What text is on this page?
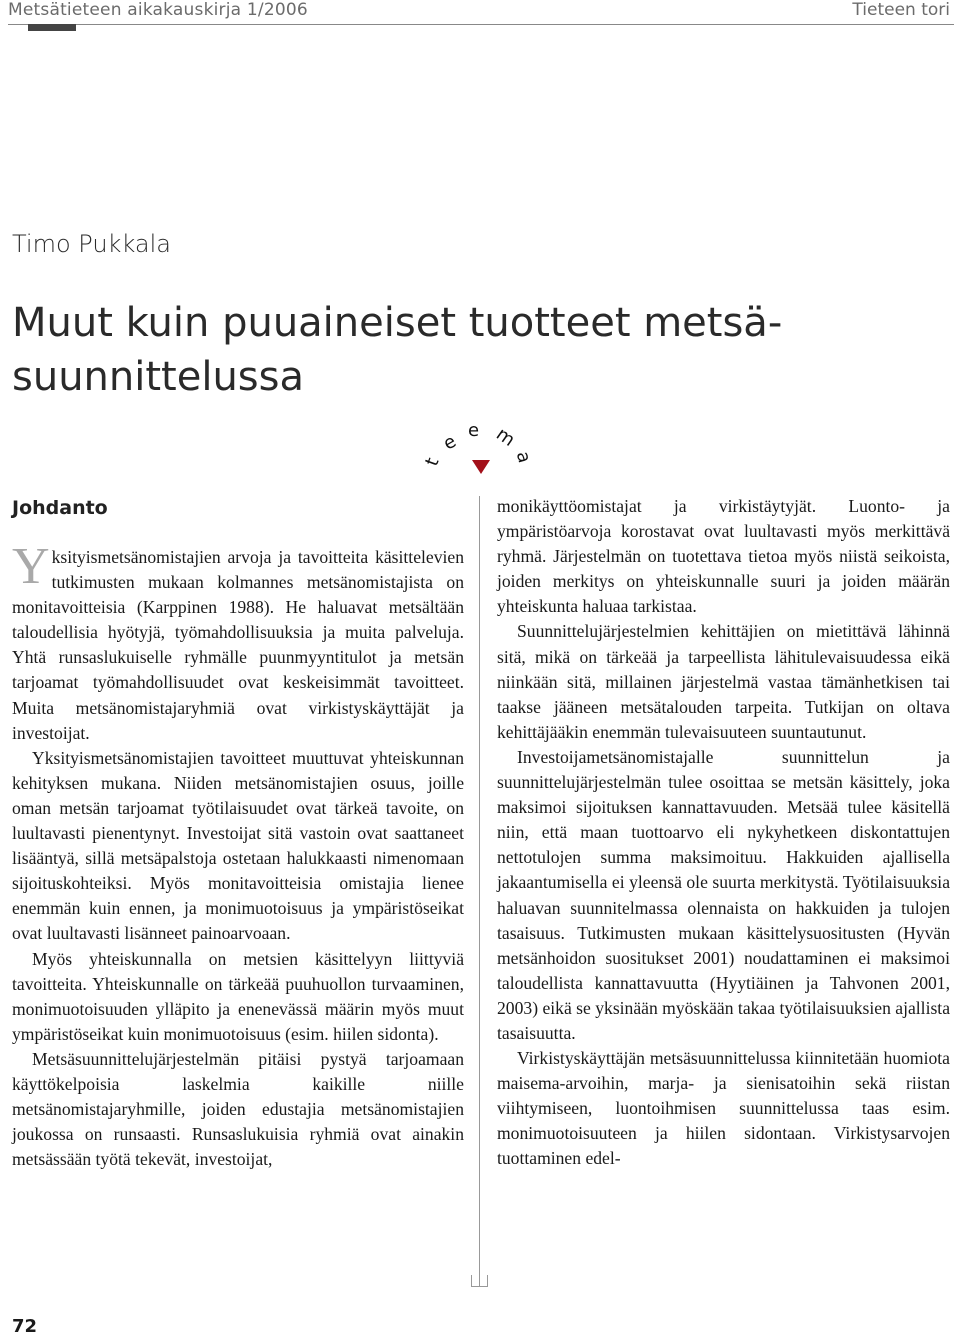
Metsätieteen aikakauskirja 1/2006	Tieteen tori
Timo Pukkala
Muut kuin puuaineiset tuotteet metsä-suunnittelussa
t
e
e m
a
Johdanto

Yksityismetsänomistajien arvoja ja tavoitteita käsittelevien tutkimusten mukaan kolmannes metsänomistajista on monitavoitteisia (Karppinen 1988). He haluavat metsältään taloudellisia hyötyjä, työmahdollisuuksia ja muita palveluja. Yhtä runsaslukuiselle ryhmälle puunmyyntitulot ja metsän tarjoamat työmahdollisuudet ovat keskeisimmät tavoitteet. Muita metsänomistajaryhmiä ovat virkistyskäyttäjät ja investoijat.

Yksityismetsänomistajien tavoitteet muuttuvat yhteiskunnan kehityksen mukana. Niiden metsänomistajien osuus, joille oman metsän tarjoamat työtilaisuudet ovat tärkeä tavoite, on luultavasti pienentynyt. Investoijat sitä vastoin ovat saattaneet lisääntyä, sillä metsäpalstoja ostetaan halukkaasti nimenomaan sijoituskohteiksi. Myös monitavoitteisia omistajia lienee enemmän kuin ennen, ja monimuotoisuus ja ympäristöseikat ovat luultavasti lisänneet painoarvoaan.

Myös yhteiskunnalla on metsien käsittelyyn liittyviä tavoitteita. Yhteiskunnalle on tärkeää puuhuollon turvaaminen, monimuotoisuuden ylläpito ja enenevässä määrin myös muut ympäristöseikat kuin monimuotoisuus (esim. hiilen sidonta).

Metsäsuunnittelujärjestelmän pitäisi pystyä tarjoamaan käyttökelpoisia laskelmia kaikille niille metsänomistajaryhmille, joiden edustajia metsänomistajien joukossa on runsaasti. Runsaslukuisia ryhmiä ovat ainakin metsässään työtä tekevät, investoijat,

monikäyttöomistajat ja virkistäytyjät. Luonto- ja ympäristöarvoja korostavat ovat luultavasti myös merkittävä ryhmä. Järjestelmän on tuotettava tietoa myös niistä seikoista, joiden merkitys on yhteiskunnalle suuri ja joiden määrän yhteiskunta haluaa tarkistaa.

Suunnittelujärjestelmien kehittäjien on mietittävä lähinnä sitä, mikä on tärkeää ja tarpeellista lähitulevaisuudessa eikä niinkään sitä, millainen järjestelmä vastaa tämänhetkisen tai taakse jääneen metsätalouden tarpeita. Tutkijan on oltava kehittäjääkin enemmän tulevaisuuteen suuntautunut.

Investoijametsänomistajalle suunnittelun ja suunnittelujärjestelmän tulee osoittaa se metsän käsittely, joka maksimoi sijoituksen kannattavuuden. Metsää tulee käsitellä niin, että maan tuottoarvo eli nykyhetkeen diskontattujen nettotulojen summa maksimoituu. Hakkuiden ajallisella jakaantumisella ei yleensä ole suurta merkitystä. Työtilaisuuksia haluavan suunnitelmassa olennaista on hakkuiden ja tulojen tasaisuus. Tutkimusten mukaan käsittelysuositusten (Hyvän metsänhoidon suositukset 2001) noudattaminen ei maksimoi taloudellista kannattavuutta (Hyytiäinen ja Tahvonen 2001, 2003) eikä se yksinään myöskään takaa työtilaisuuksien ajallista tasaisuutta.

Virkistyskäyttäjän metsäsuunnittelussa kiinnitetään huomiota maisema-arvoihin, marja- ja sienisatoihin sekä riistan viihtymiseen, luontoihmisen suunnittelussa taas esim. monimuotoisuuteen ja hiilen sidontaan. Virkistysarvojen tuottaminen edel-

72
